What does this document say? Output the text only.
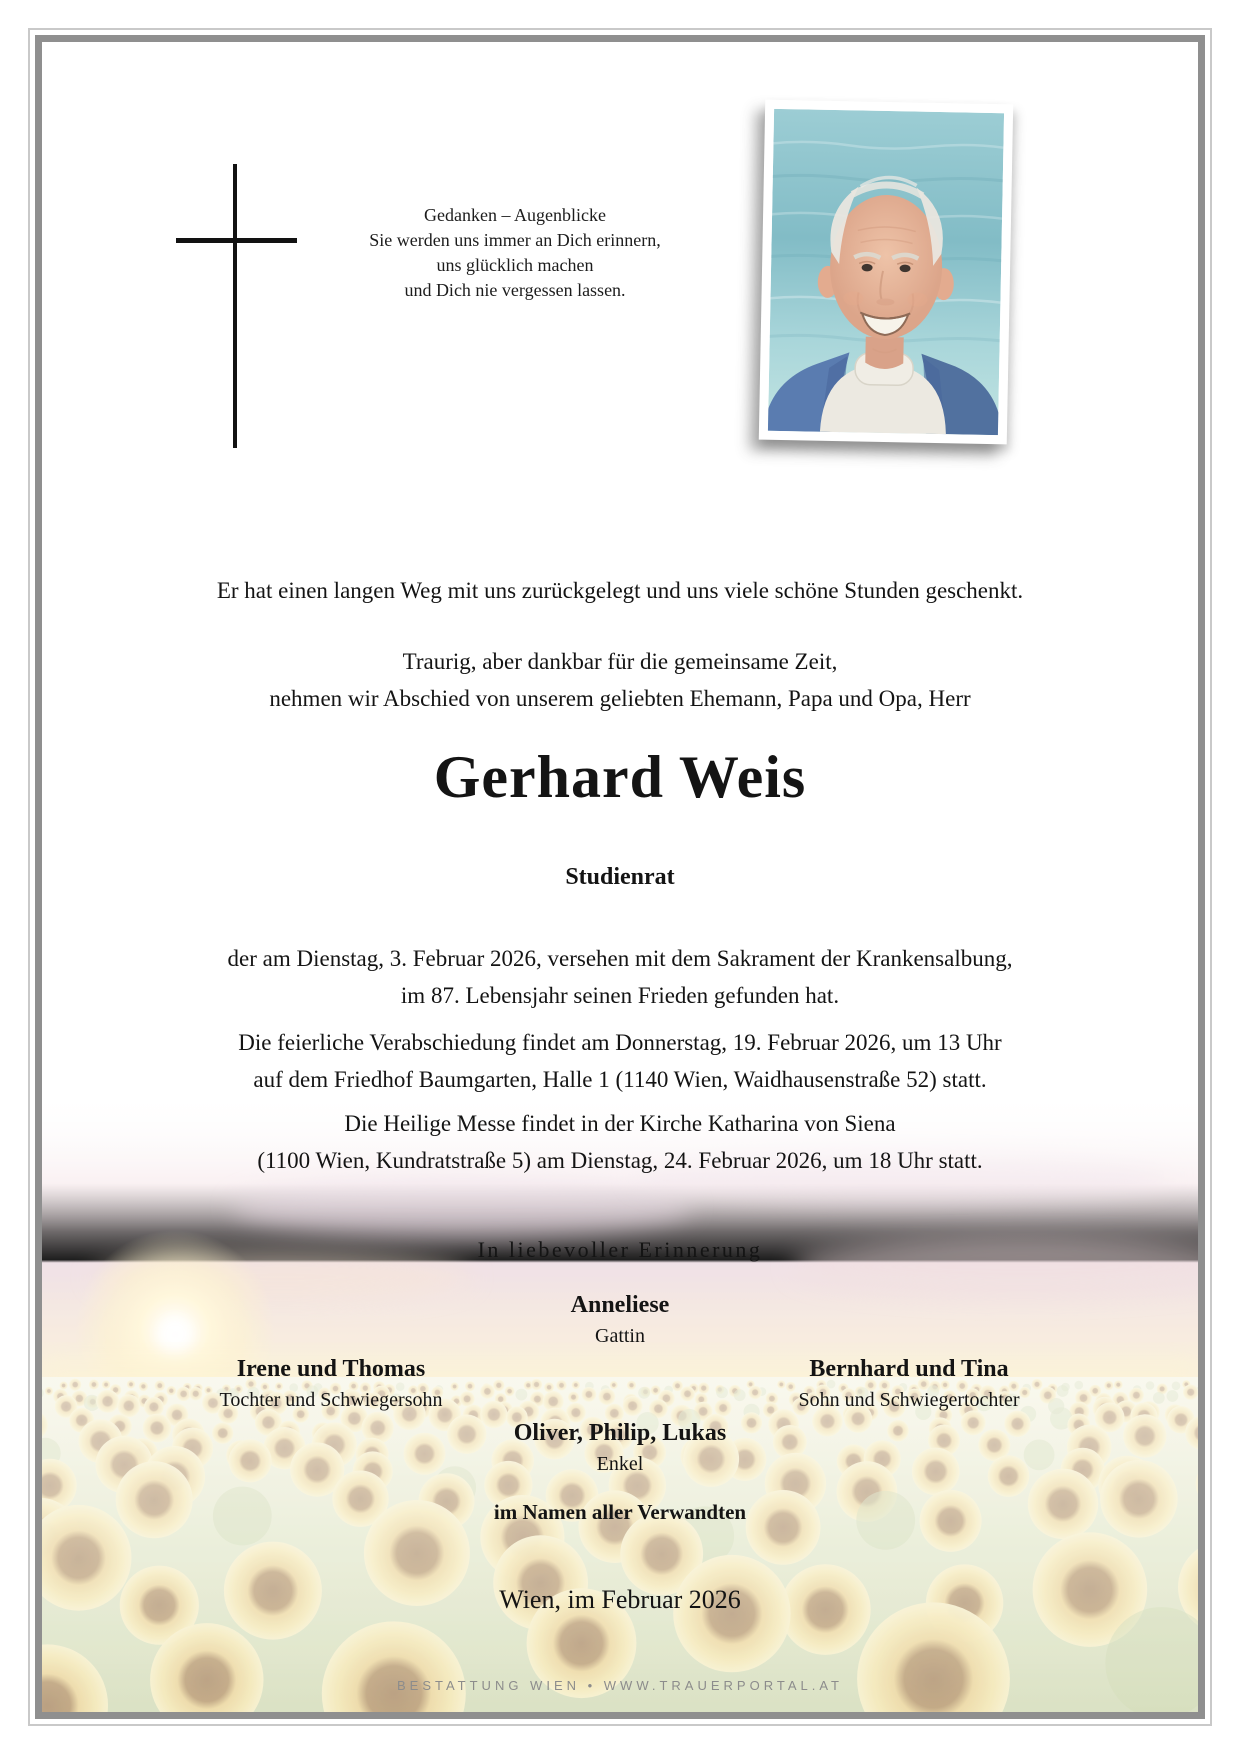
Gedanken – Augenblicke
Sie werden uns immer an Dich erinnern,
uns glücklich machen
und Dich nie vergessen lassen.
Er hat einen langen Weg mit uns zurückgelegt und uns viele schöne Stunden geschenkt.
Traurig, aber dankbar für die gemeinsame Zeit,
nehmen wir Abschied von unserem geliebten Ehemann, Papa und Opa, Herr
Gerhard Weis
Studienrat
der am Dienstag, 3. Februar 2026, versehen mit dem Sakrament der Krankensalbung,
im 87. Lebensjahr seinen Frieden gefunden hat.
Die feierliche Verabschiedung findet am Donnerstag, 19. Februar 2026, um 13 Uhr
auf dem Friedhof Baumgarten, Halle 1 (1140 Wien, Waidhausenstraße 52) statt.
Die Heilige Messe findet in der Kirche Katharina von Siena
(1100 Wien, Kundratstraße 5) am Dienstag, 24. Februar 2026, um 18 Uhr statt.
In liebevoller Erinnerung
Anneliese
Gattin
Irene und Thomas
Tochter und Schwiegersohn
Bernhard und Tina
Sohn und Schwiegertochter
Oliver, Philip, Lukas
Enkel
im Namen aller Verwandten
Wien, im Februar 2026
BESTATTUNG WIEN • WWW.TRAUERPORTAL.AT
